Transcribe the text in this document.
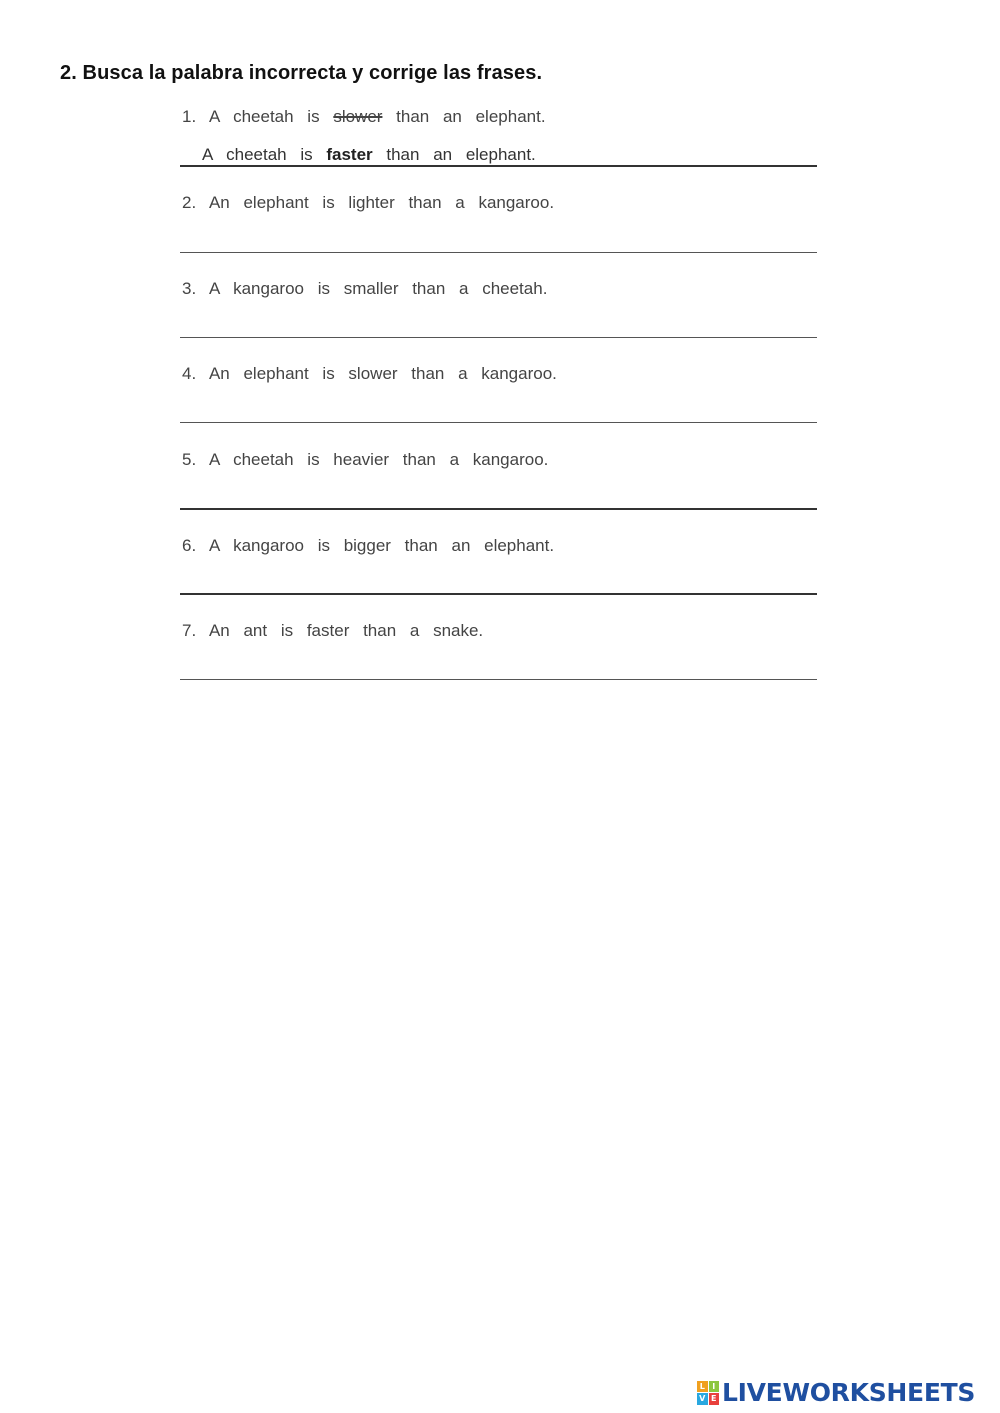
2. Busca la palabra incorrecta y corrige las frases.
1. A cheetah is slower than an elephant.
A cheetah is faster than an elephant.
2. An elephant is lighter than a kangaroo.
3. A kangaroo is smaller than a cheetah.
4. An elephant is slower than a kangaroo.
5. A cheetah is heavier than a kangaroo.
6. A kangaroo is bigger than an elephant.
7. An ant is faster than a snake.
L I
V E LIVEWORKSHEETS
